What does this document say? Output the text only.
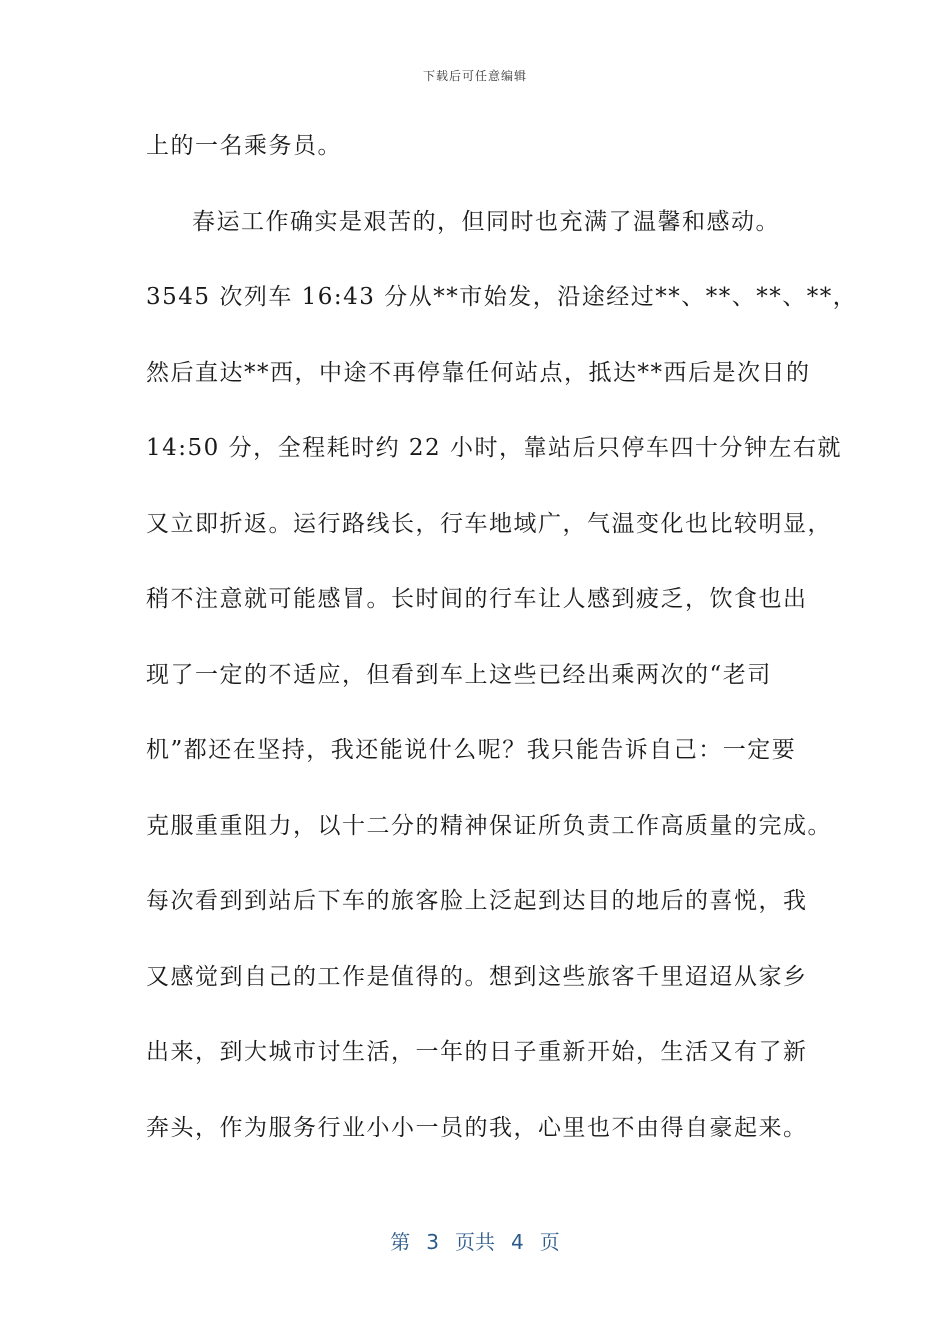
下载后可任意编辑
上的一名乘务员。
春运工作确实是艰苦的，但同时也充满了温馨和感动。
3545 次列车 16:43 分从**市始发，沿途经过**、**、**、**，
然后直达**西，中途不再停靠任何站点，抵达**西后是次日的
14:50 分，全程耗时约 22 小时，靠站后只停车四十分钟左右就
又立即折返。运行路线长，行车地域广，气温变化也比较明显，
稍不注意就可能感冒。长时间的行车让人感到疲乏，饮食也出
现了一定的不适应，但看到车上这些已经出乘两次的“老司
机”都还在坚持，我还能说什么呢？我只能告诉自己：一定要
克服重重阻力，以十二分的精神保证所负责工作高质量的完成。
每次看到到站后下车的旅客脸上泛起到达目的地后的喜悦，我
又感觉到自己的工作是值得的。想到这些旅客千里迢迢从家乡
出来，到大城市讨生活，一年的日子重新开始，生活又有了新
奔头，作为服务行业小小一员的我，心里也不由得自豪起来。
第 3 页共 4 页
